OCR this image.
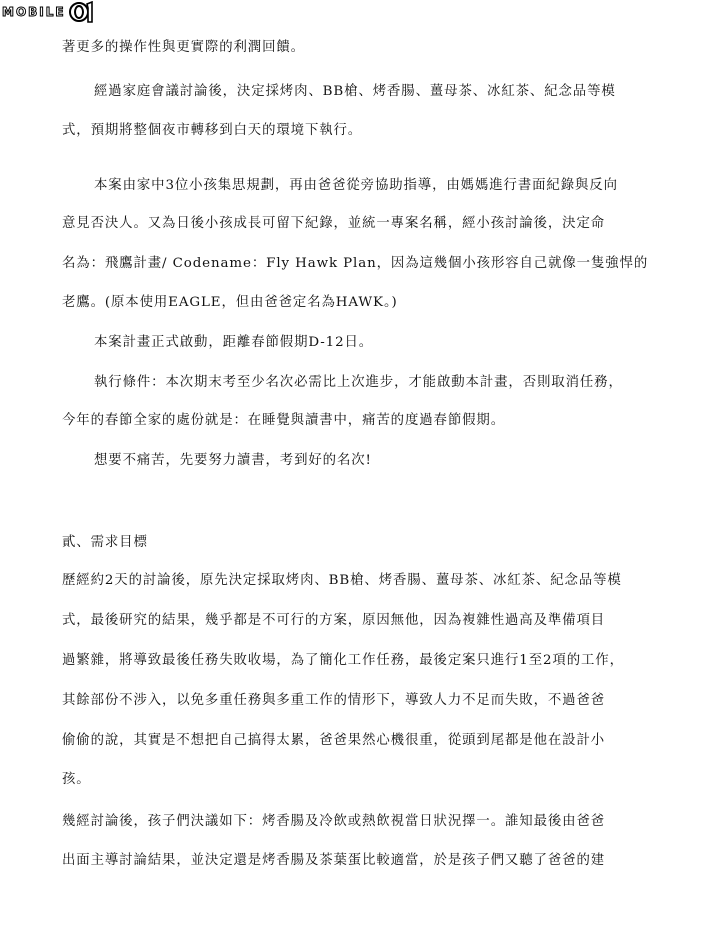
MOBILE
著更多的操作性與更實際的利潤回饋。
經過家庭會議討論後，決定採烤肉、BB槍、烤香腸、薑母茶、冰紅茶、紀念品等模
式，預期將整個夜市轉移到白天的環境下執行。
本案由家中3位小孩集思規劃，再由爸爸從旁協助指導，由媽媽進行書面紀錄與反向
意見否決人。又為日後小孩成長可留下紀錄，並統一專案名稱，經小孩討論後，決定命
名為：飛鷹計畫/ Codename：Fly Hawk Plan，因為這幾個小孩形容自己就像一隻強悍的
老鷹。(原本使用EAGLE，但由爸爸定名為HAWK。)
本案計畫正式啟動，距離春節假期D-12日。
執行條件：本次期末考至少名次必需比上次進步，才能啟動本計畫，否則取消任務，
今年的春節全家的處份就是：在睡覺與讀書中，痛苦的度過春節假期。
想要不痛苦，先要努力讀書，考到好的名次!
貳、需求目標
歷經約2天的討論後，原先決定採取烤肉、BB槍、烤香腸、薑母茶、冰紅茶、紀念品等模
式，最後研究的結果，幾乎都是不可行的方案，原因無他，因為複雜性過高及準備項目
過繁雜，將導致最後任務失敗收場，為了簡化工作任務，最後定案只進行1至2項的工作，
其餘部份不涉入，以免多重任務與多重工作的情形下，導致人力不足而失敗，不過爸爸
偷偷的說，其實是不想把自己搞得太累，爸爸果然心機很重，從頭到尾都是他在設計小
孩。
幾經討論後，孩子們決議如下：烤香腸及冷飲或熱飲視當日狀況擇一。誰知最後由爸爸
出面主導討論結果，並決定還是烤香腸及茶葉蛋比較適當，於是孩子們又聽了爸爸的建
